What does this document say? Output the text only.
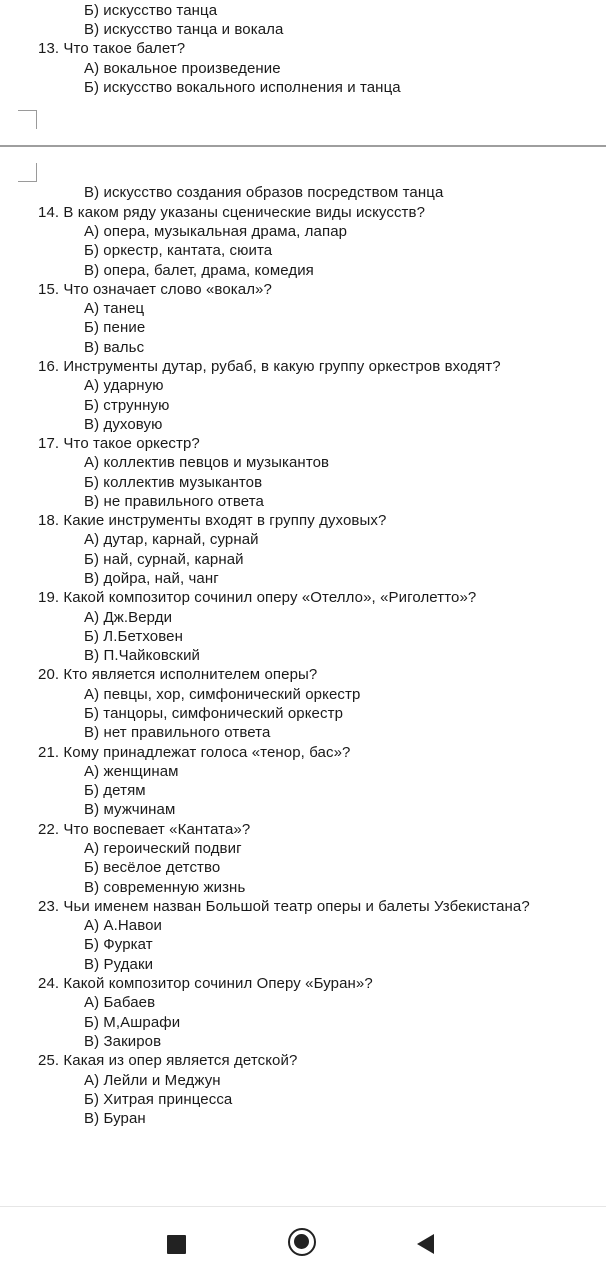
Б) искусство танца
В) искусство танца и вокала
13. Что такое балет?
А) вокальное произведение
Б) искусство вокального исполнения и танца
В) искусство создания образов посредством танца
14. В каком ряду указаны сценические виды искусств?
А) опера, музыкальная драма, лапар
Б) оркестр, кантата, сюита
В) опера, балет, драма, комедия
15. Что означает слово «вокал»?
А) танец
Б) пение
В) вальс
16. Инструменты дутар, рубаб, в какую группу оркестров входят?
А) ударную
Б) струнную
В) духовую
17. Что такое оркестр?
А) коллектив певцов и музыкантов
Б) коллектив музыкантов
В) не правильного ответа
18. Какие инструменты входят в группу духовых?
А) дутар, карнай, сурнай
Б) най, сурнай, карнай
В) дойра, най, чанг
19. Какой композитор сочинил оперу «Отелло», «Риголетто»?
А) Дж.Верди
Б) Л.Бетховен
В) П.Чайковский
20. Кто является исполнителем оперы?
А) певцы, хор, симфонический оркестр
Б) танцоры, симфонический оркестр
В) нет правильного ответа
21. Кому принадлежат голоса «тенор, бас»?
А) женщинам
Б) детям
В) мужчинам
22. Что воспевает «Кантата»?
А) героический подвиг
Б) весёлое детство
В) современную жизнь
23. Чьи именем назван Большой театр оперы и балеты Узбекистана?
А) А.Навои
Б) Фуркат
В) Рудаки
24. Какой композитор сочинил Оперу «Буран»?
А) Бабаев
Б) М,Ашрафи
В) Закиров
25. Какая из опер является детской?
А) Лейли и Меджун
Б) Хитрая принцесса
В) Буран
